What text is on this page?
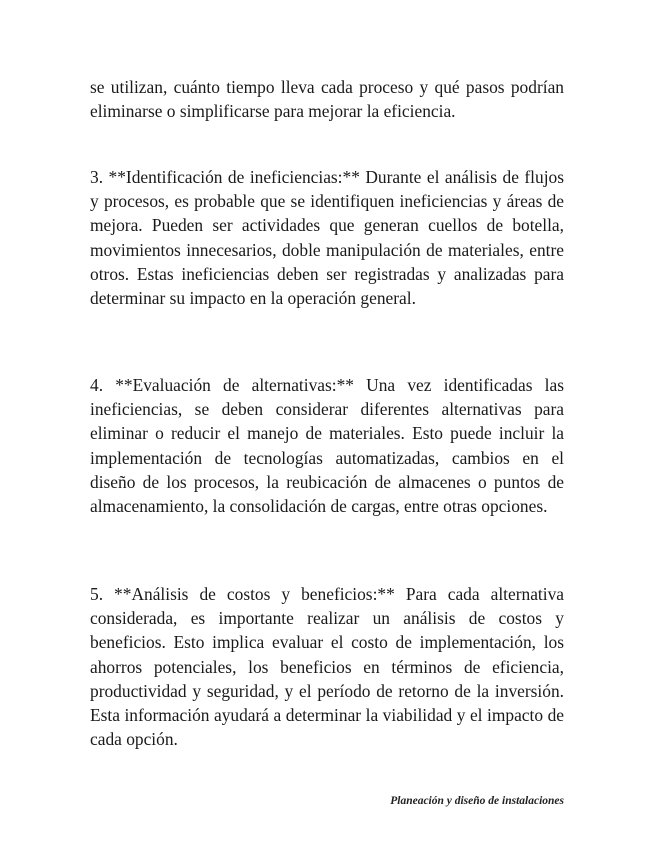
se utilizan, cuánto tiempo lleva cada proceso y qué pasos podrían eliminarse o simplificarse para mejorar la eficiencia.

3. **Identificación de ineficiencias:** Durante el análisis de flujos y procesos, es probable que se identifiquen ineficiencias y áreas de mejora. Pueden ser actividades que generan cuellos de botella, movimientos innecesarios, doble manipulación de materiales, entre otros. Estas ineficiencias deben ser registradas y analizadas para determinar su impacto en la operación general.

4. **Evaluación de alternativas:** Una vez identificadas las ineficiencias, se deben considerar diferentes alternativas para eliminar o reducir el manejo de materiales. Esto puede incluir la implementación de tecnologías automatizadas, cambios en el diseño de los procesos, la reubicación de almacenes o puntos de almacenamiento, la consolidación de cargas, entre otras opciones.

5. **Análisis de costos y beneficios:** Para cada alternativa considerada, es importante realizar un análisis de costos y beneficios. Esto implica evaluar el costo de implementación, los ahorros potenciales, los beneficios en términos de eficiencia, productividad y seguridad, y el período de retorno de la inversión. Esta información ayudará a determinar la viabilidad y el impacto de cada opción.

Planeación y diseño de instalaciones
